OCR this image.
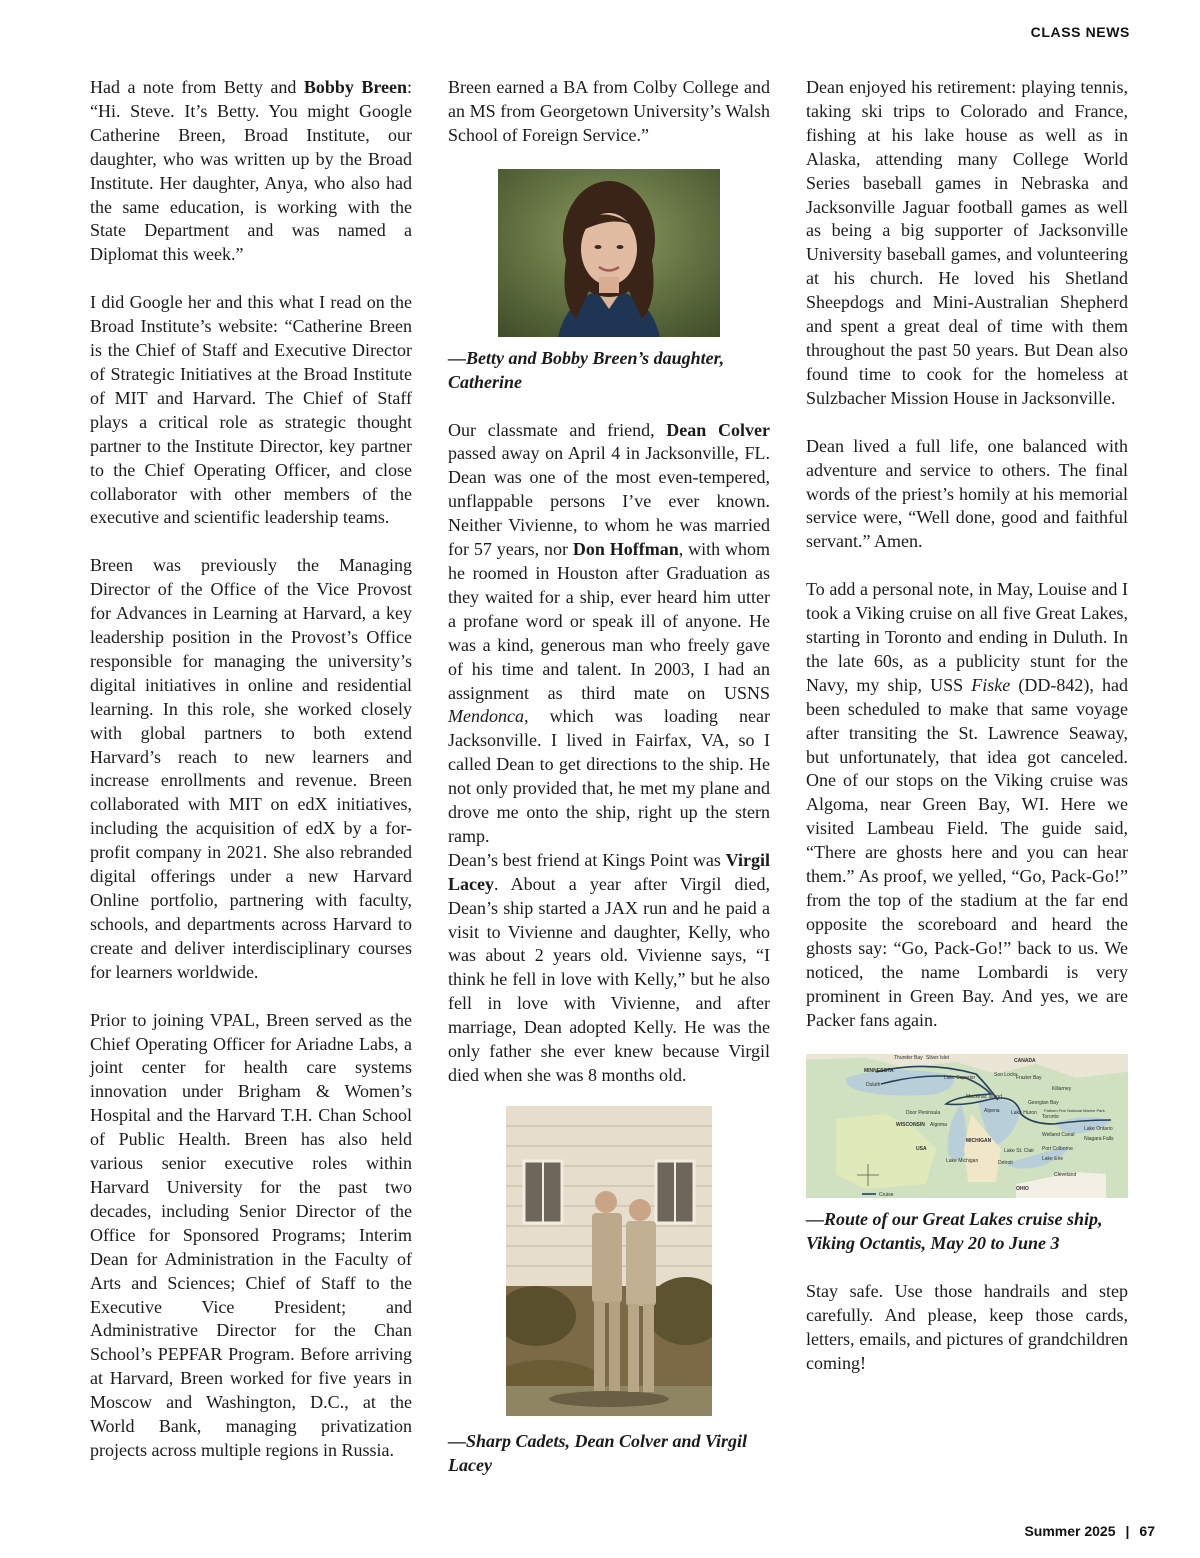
CLASS NEWS

Had a note from Betty and Bobby Breen: “Hi. Steve. It’s Betty. You might Google Catherine Breen, Broad Institute, our daughter, who was written up by the Broad Institute. Her daughter, Anya, who also had the same education, is working with the State Department and was named a Diplomat this week.”

I did Google her and this what I read on the Broad Institute’s website: “Catherine Breen is the Chief of Staff and Executive Director of Strategic Initiatives at the Broad Institute of MIT and Harvard. The Chief of Staff plays a critical role as strategic thought partner to the Institute Director, key partner to the Chief Operating Officer, and close collaborator with other members of the executive and scientific leadership teams.

Breen was previously the Managing Director of the Office of the Vice Provost for Advances in Learning at Harvard, a key leadership position in the Provost’s Office responsible for managing the university’s digital initiatives in online and residential learning. In this role, she worked closely with global partners to both extend Harvard’s reach to new learners and increase enrollments and revenue. Breen collaborated with MIT on edX initiatives, including the acquisition of edX by a for-profit company in 2021. She also rebranded digital offerings under a new Harvard Online portfolio, partnering with faculty, schools, and departments across Harvard to create and deliver interdisciplinary courses for learners worldwide.

Prior to joining VPAL, Breen served as the Chief Operating Officer for Ariadne Labs, a joint center for health care systems innovation under Brigham & Women’s Hospital and the Harvard T.H. Chan School of Public Health. Breen has also held various senior executive roles within Harvard University for the past two decades, including Senior Director of the Office for Sponsored Programs; Interim Dean for Administration in the Faculty of Arts and Sciences; Chief of Staff to the Executive Vice President; and Administrative Director for the Chan School’s PEPFAR Program. Before arriving at Harvard, Breen worked for five years in Moscow and Washington, D.C., at the World Bank, managing privatization projects across multiple regions in Russia.

Breen earned a BA from Colby College and an MS from Georgetown University’s Walsh School of Foreign Service.”

—Betty and Bobby Breen’s daughter, Catherine

Our classmate and friend, Dean Colver passed away on April 4 in Jacksonville, FL. Dean was one of the most even-tempered, unflappable persons I’ve ever known. Neither Vivienne, to whom he was married for 57 years, nor Don Hoffman, with whom he roomed in Houston after Graduation as they waited for a ship, ever heard him utter a profane word or speak ill of anyone. He was a kind, generous man who freely gave of his time and talent. In 2003, I had an assignment as third mate on USNS Mendonca, which was loading near Jacksonville. I lived in Fairfax, VA, so I called Dean to get directions to the ship. He not only provided that, he met my plane and drove me onto the ship, right up the stern ramp.

Dean’s best friend at Kings Point was Virgil Lacey. About a year after Virgil died, Dean’s ship started a JAX run and he paid a visit to Vivienne and daughter, Kelly, who was about 2 years old. Vivienne says, “I think he fell in love with Kelly,” but he also fell in love with Vivienne, and after marriage, Dean adopted Kelly. He was the only father she ever knew because Virgil died when she was 8 months old.

—Sharp Cadets, Dean Colver and Virgil Lacey

Dean enjoyed his retirement: playing tennis, taking ski trips to Colorado and France, fishing at his lake house as well as in Alaska, attending many College World Series baseball games in Nebraska and Jacksonville Jaguar football games as well as being a big supporter of Jacksonville University baseball games, and volunteering at his church. He loved his Shetland Sheepdogs and Mini-Australian Shepherd and spent a great deal of time with them throughout the past 50 years. But Dean also found time to cook for the homeless at Sulzbacher Mission House in Jacksonville.

Dean lived a full life, one balanced with adventure and service to others. The final words of the priest’s homily at his memorial service were, “Well done, good and faithful servant.” Amen.

To add a personal note, in May, Louise and I took a Viking cruise on all five Great Lakes, starting in Toronto and ending in Duluth. In the late 60s, as a publicity stunt for the Navy, my ship, USS Fiske (DD-842), had been scheduled to make that same voyage after transiting the St. Lawrence Seaway, but unfortunately, that idea got canceled. One of our stops on the Viking cruise was Algoma, near Green Bay, WI. Here we visited Lambeau Field. The guide said, “There are ghosts here and you can hear them.” As proof, we yelled, “Go, Pack-Go!” from the top of the stadium at the far end opposite the scoreboard and heard the ghosts say: “Go, Pack-Go!” back to us. We noticed, the name Lombardi is very prominent in Green Bay. And yes, we are Packer fans again.

Thunder Bay Silver Islet
MINNESOTA
Duluth
Lake Superior	Soo Locks
CANADA
Frazier Bay
Killarney
Mackinac Island
Georgian Bay
Alpena
Door Peninsula
WISCONSIN Algoma
Lake Huron
Toronto
Fathom Five National Marine Park
Lake Ontario
Welland Canal
Niagara Falls
MICHIGAN
USA
Lake Michigan
Lake St. Clair Port Colborne
Detroit
Lake Erie
Cleveland
OHIO
Cruise

—Route of our Great Lakes cruise ship, Viking Octantis, May 20 to June 3

Stay safe. Use those handrails and step carefully. And please, keep those cards, letters, emails, and pictures of grandchildren coming!

Summer 2025 | 67
